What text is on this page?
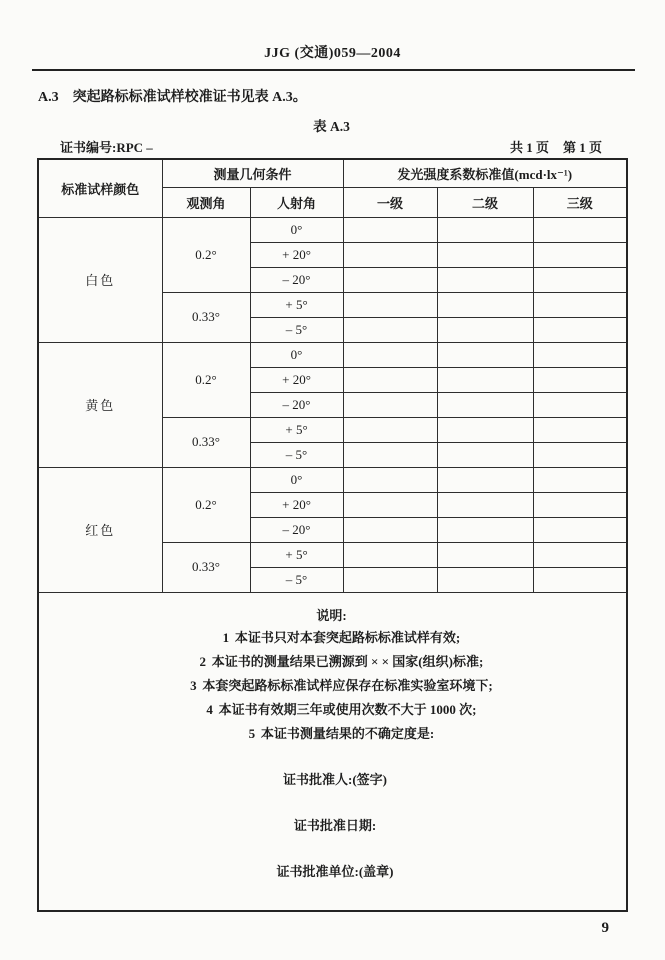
JJG (交通)059—2004
A.3 突起路标标准试样校准证书见表 A.3。
表 A.3
证书编号:RPC –	共 1 页 第 1 页
标准试样颜色	测量几何条件		发光强度系数标准值(mcd·lx⁻¹)		
	观测角	人射角	一级	二级	三级
白色	0.2°	0°			
		+ 20°			
		– 20°			
	0.33°	+ 5°			
		– 5°			
黄色	0.2°	0°			
		+ 20°			
		– 20°			
	0.33°	+ 5°			
		– 5°			
红色	0.2°	0°			
		+ 20°			
		– 20°			
	0.33°	+ 5°			
		– 5°			

说明:
1 本证书只对本套突起路标标准试样有效;
2 本证书的测量结果已溯源到 × × 国家(组织)标准;
3 本套突起路标标准试样应保存在标准实验室环境下;
4 本证书有效期三年或使用次数不大于 1000 次;
5 本证书测量结果的不确定度是:
证书批准人:(签字)
证书批准日期:
证书批准单位:(盖章)
9
